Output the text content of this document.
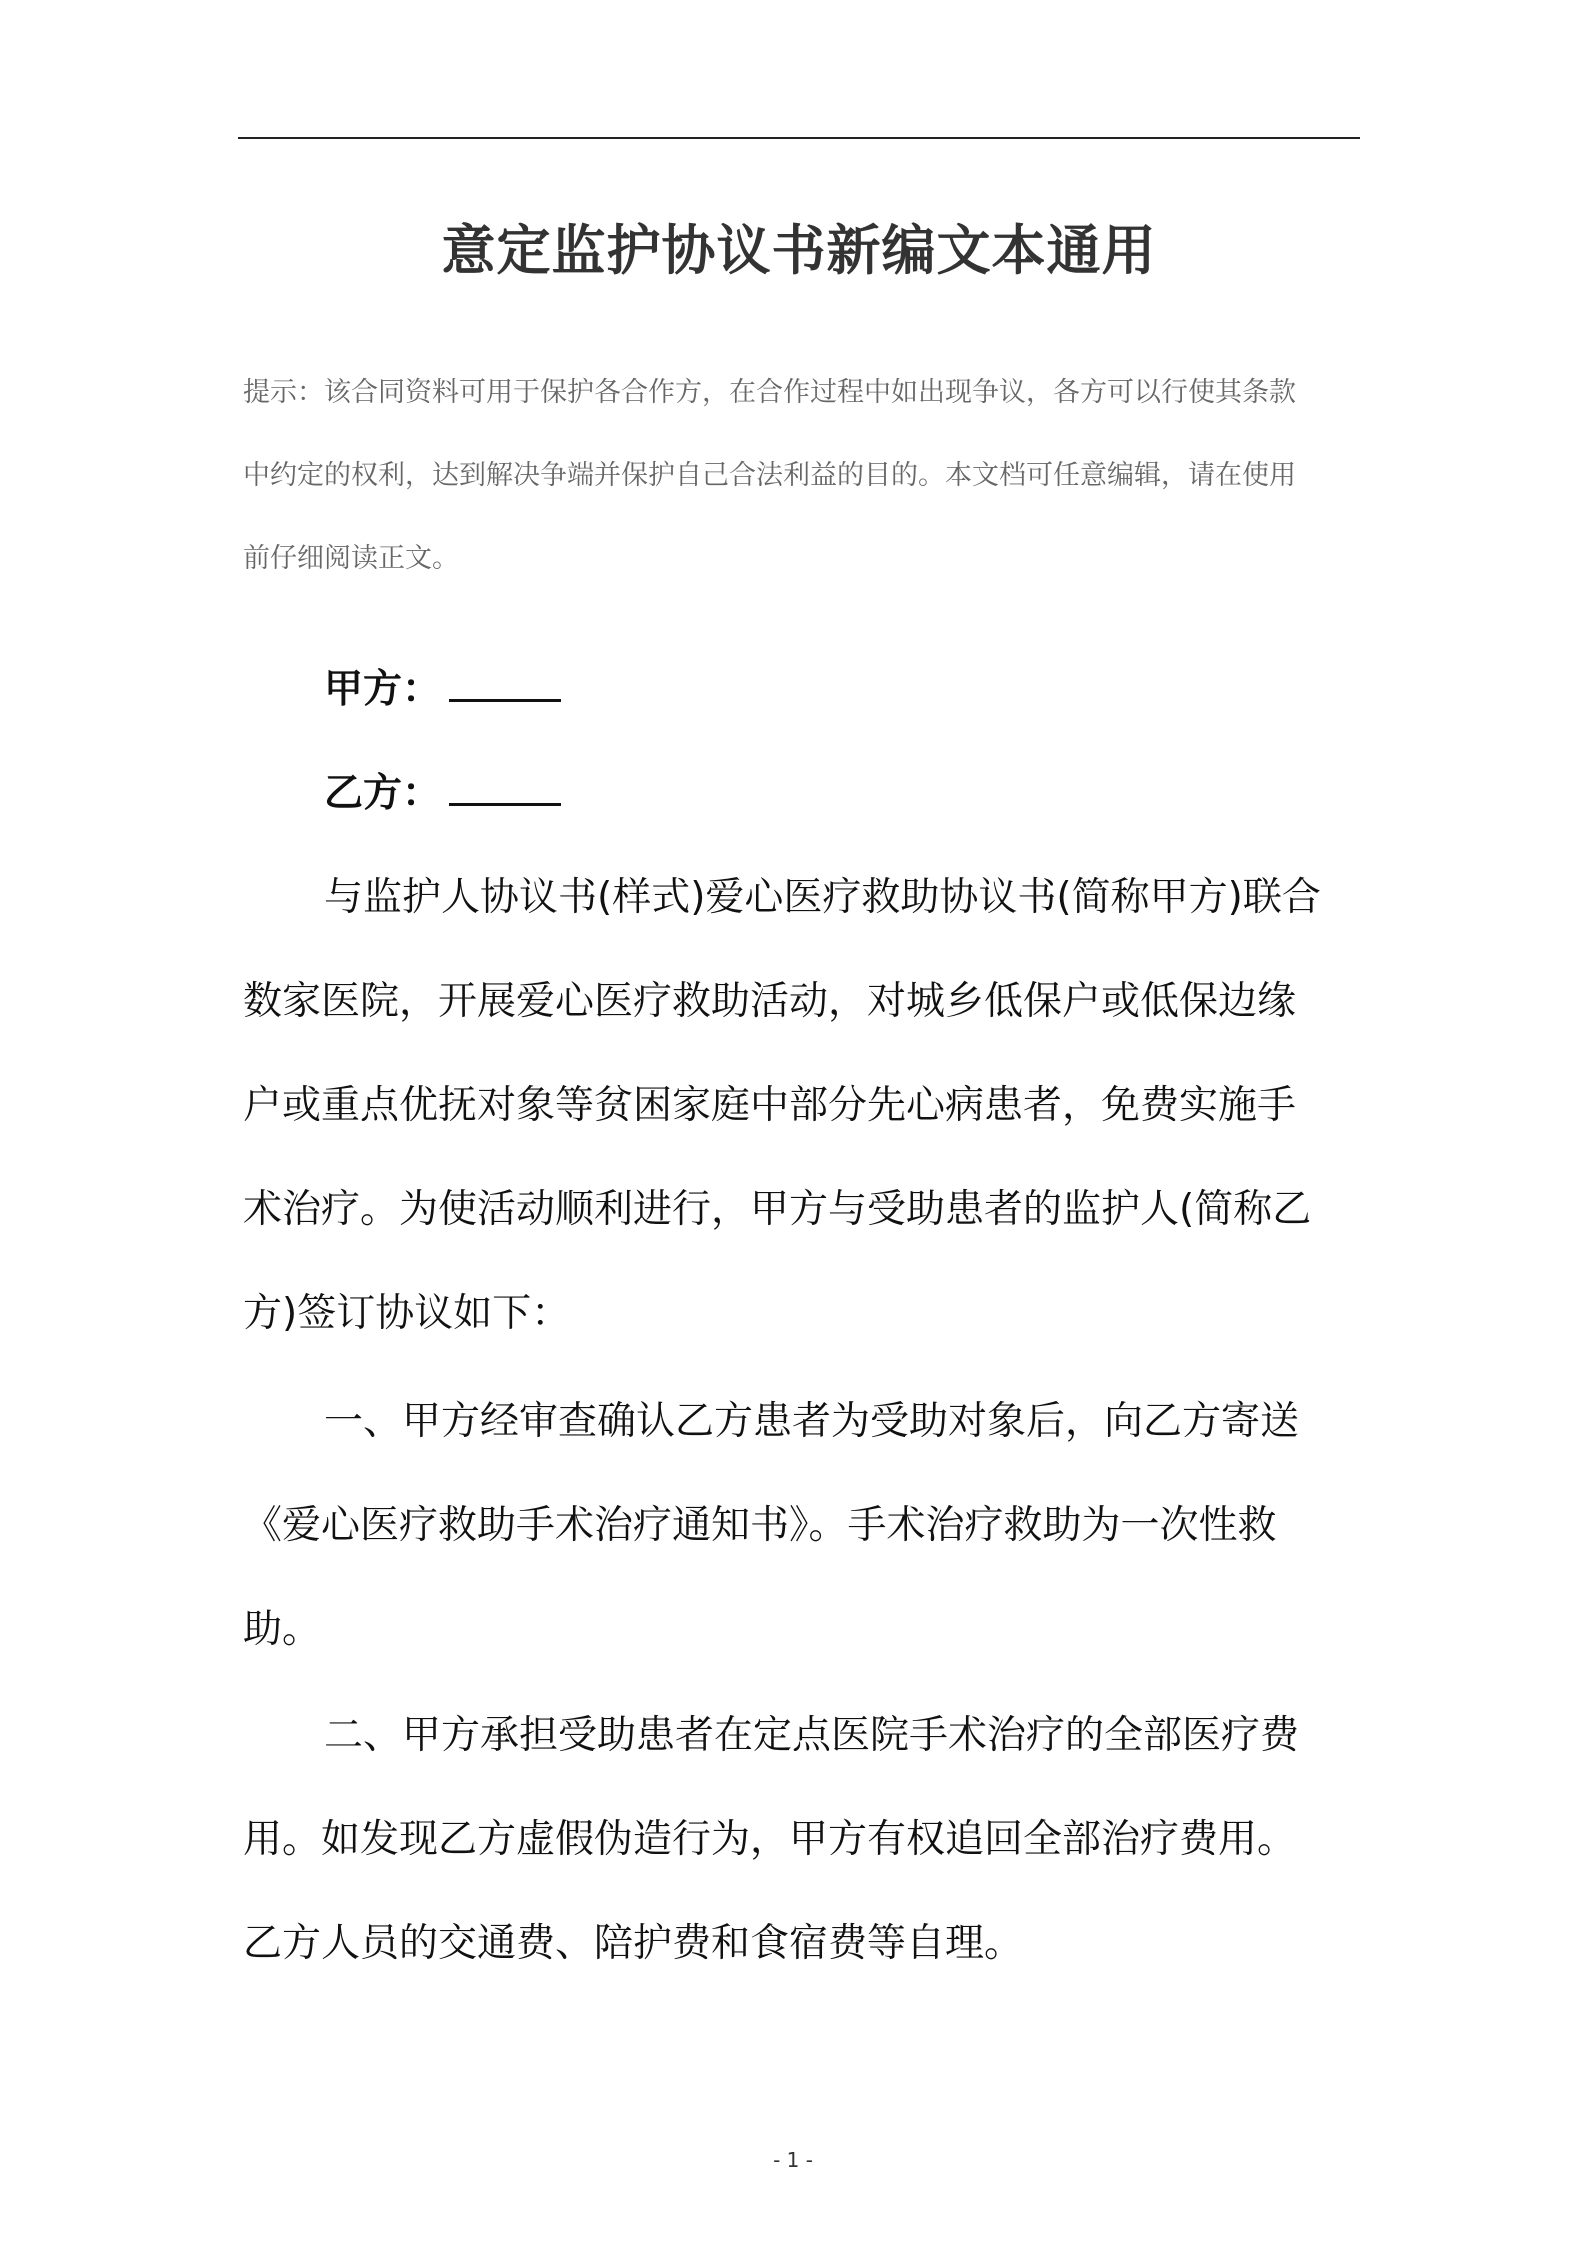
意定监护协议书新编文本通用
提示：该合同资料可用于保护各合作方，在合作过程中如出现争议，各方可以行使其条款
中约定的权利，达到解决争端并保护自己合法利益的目的。本文档可任意编辑，请在使用
前仔细阅读正文。
甲方：
乙方：
与监护人协议书(样式)爱心医疗救助协议书(简称甲方)联合
数家医院，开展爱心医疗救助活动，对城乡低保户或低保边缘
户或重点优抚对象等贫困家庭中部分先心病患者，免费实施手
术治疗。为使活动顺利进行，甲方与受助患者的监护人(简称乙
方)签订协议如下：
一、甲方经审查确认乙方患者为受助对象后，向乙方寄送
《爱心医疗救助手术治疗通知书》。手术治疗救助为一次性救
助。
二、甲方承担受助患者在定点医院手术治疗的全部医疗费
用。如发现乙方虚假伪造行为，甲方有权追回全部治疗费用。
乙方人员的交通费、陪护费和食宿费等自理。
- 1 -
